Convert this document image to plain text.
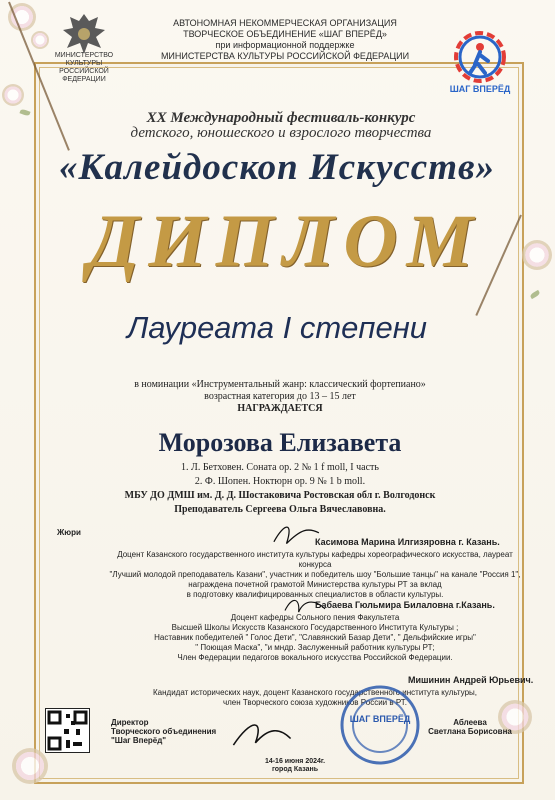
МИНИСТЕРСТВО КУЛЬТУРЫ РОССИЙСКОЙ ФЕДЕРАЦИИ
АВТОНОМНАЯ НЕКОММЕРЧЕСКАЯ ОРГАНИЗАЦИЯ
ТВОРЧЕСКОЕ ОБЪЕДИНЕНИЕ «ШАГ ВПЕРЁД»
при информационной поддержке
МИНИСТЕРСТВА КУЛЬТУРЫ РОССИЙСКОЙ ФЕДЕРАЦИИ
ШАГ ВПЕРЁД
XX Международный фестиваль-конкурс
детского, юношеского и взрослого творчества
«Калейдоскоп Искусств»
ДИПЛОМ
Лауреата I степени
в номинации «Инструментальный жанр: классический фортепиано»
возрастная категория до 13 – 15 лет
НАГРАЖДАЕТСЯ
Морозова Елизавета
1. Л. Бетховен. Соната ор. 2 № 1 f moll, I часть
2. Ф. Шопен. Ноктюрн ор. 9 № 1 b moll.
МБУ ДО ДМШ им. Д. Д. Шостаковича Ростовская обл г. Волгодонск
Преподаватель Сергеева Ольга Вячеславовна.
Жюри
Касимова Марина Илгизяровна г. Казань.
Доцент Казанского государственного института культуры кафедры хореографического искусства, лауреат конкурса
"Лучший молодой преподаватель Казани", участник и победитель шоу "Большие танцы" на канале "Россия 1",
награждена почетной грамотой Министерства культуры РТ за вклад
в подготовку квалифицированных специалистов в области культуры.
Бабаева Гюльмира Билаловна г.Казань.
Доцент кафедры Сольного пения Факультета
Высшей Школы Искусств Казанского Государственного Института Культуры ;
Наставник победителей " Голос Дети", "Славянский Базар Дети", " Дельфийские игры"
" Поющая Маска", "и мндр. Заслуженный работник культуры РТ;
Член Федерации педагогов вокального искусства Российской Федерации.
Мишинин Андрей Юрьевич.
Кандидат исторических наук, доцент Казанского государственного института культуры,
член Творческого союза художников России в РТ.
Директор
Творческого объединения
"Шаг Вперёд"
14-16 июня 2024г.
город Казань
ШАГ ВПЕРЁД	Аблеева
Светлана Борисовна
